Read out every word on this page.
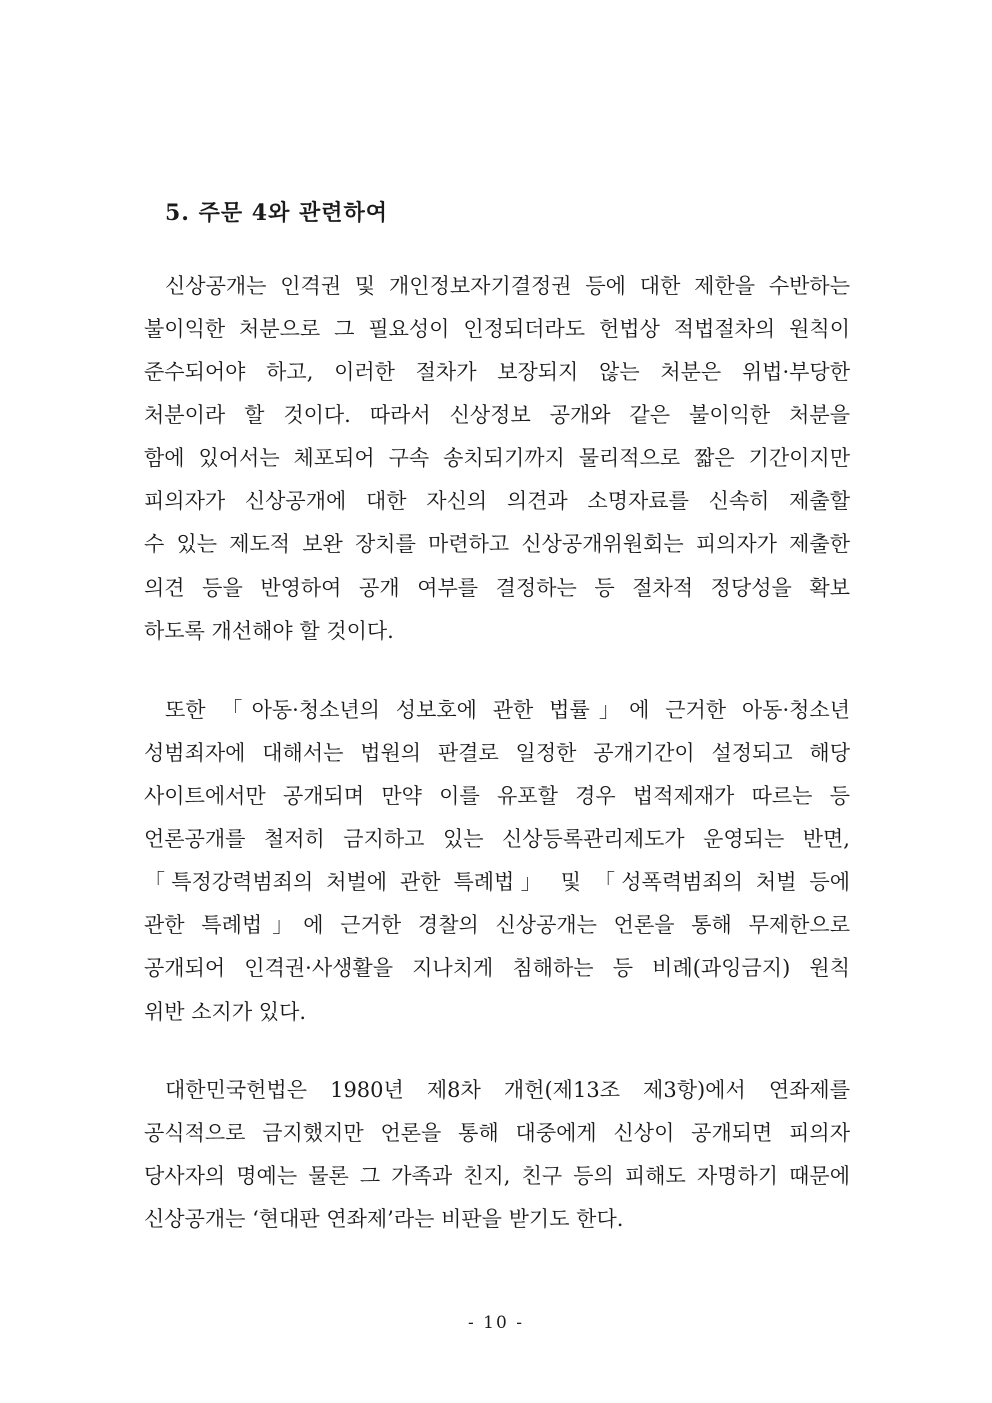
5. 주문 4와 관련하여
신상공개는 인격권 및 개인정보자기결정권 등에 대한 제한을 수반하는
불이익한 처분으로 그 필요성이 인정되더라도 헌법상 적법절차의 원칙이
준수되어야 하고, 이러한 절차가 보장되지 않는 처분은 위법·부당한
처분이라 할 것이다. 따라서 신상정보 공개와 같은 불이익한 처분을
함에 있어서는 체포되어 구속 송치되기까지 물리적으로 짧은 기간이지만
피의자가 신상공개에 대한 자신의 의견과 소명자료를 신속히 제출할
수 있는 제도적 보완 장치를 마련하고 신상공개위원회는 피의자가 제출한
의견 등을 반영하여 공개 여부를 결정하는 등 절차적 정당성을 확보
하도록 개선해야 할 것이다.
또한 「아동·청소년의 성보호에 관한 법률」에 근거한 아동·청소년
성범죄자에 대해서는 법원의 판결로 일정한 공개기간이 설정되고 해당
사이트에서만 공개되며 만약 이를 유포할 경우 법적제재가 따르는 등
언론공개를 철저히 금지하고 있는 신상등록관리제도가 운영되는 반면,
「특정강력범죄의 처벌에 관한 특례법」 및 「성폭력범죄의 처벌 등에
관한 특례법」에 근거한 경찰의 신상공개는 언론을 통해 무제한으로
공개되어 인격권·사생활을 지나치게 침해하는 등 비례(과잉금지) 원칙
위반 소지가 있다.
대한민국헌법은 1980년 제8차 개헌(제13조 제3항)에서 연좌제를
공식적으로 금지했지만 언론을 통해 대중에게 신상이 공개되면 피의자
당사자의 명예는 물론 그 가족과 친지, 친구 등의 피해도 자명하기 때문에
신상공개는 ‘현대판 연좌제’라는 비판을 받기도 한다.
- 10 -
